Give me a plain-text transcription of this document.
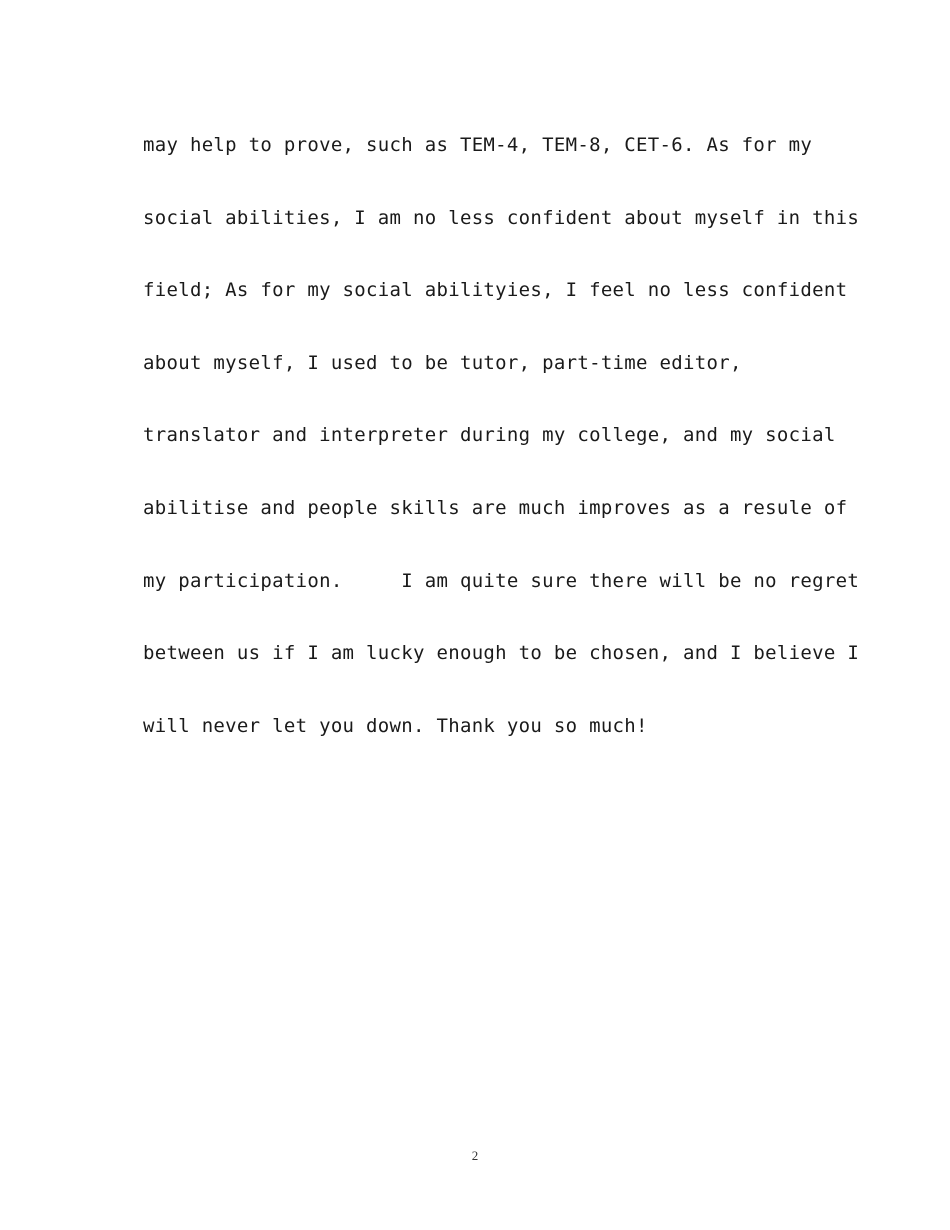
may help to prove, such as TEM-4, TEM-8, CET-6. As for my
social abilities, I am no less confident about myself in this
field; As for my social abilityies, I feel no less confident
about myself, I used to be tutor, part-time editor,
translator and interpreter during my college, and my social
abilitise and people skills are much improves as a resule of
my participation.     I am quite sure there will be no regret
between us if I am lucky enough to be chosen, and I believe I
will never let you down. Thank you so much!
2
